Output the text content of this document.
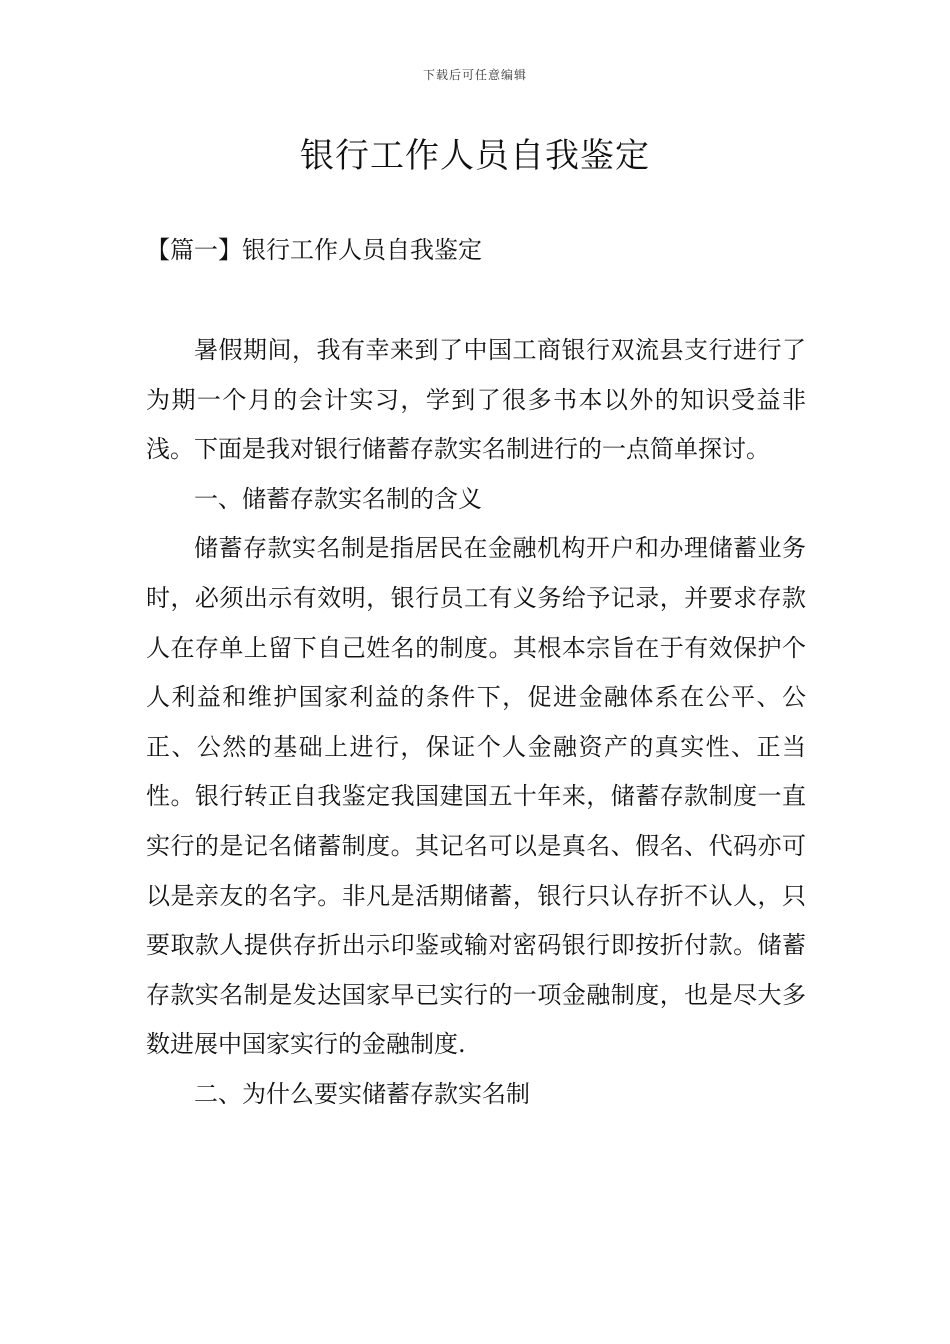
下载后可任意编辑
银行工作人员自我鉴定
【篇一】银行工作人员自我鉴定

暑假期间，我有幸来到了中国工商银行双流县支行进行了为期一个月的会计实习，学到了很多书本以外的知识受益非浅。下面是我对银行储蓄存款实名制进行的一点简单探讨。

一、储蓄存款实名制的含义

储蓄存款实名制是指居民在金融机构开户和办理储蓄业务时，必须出示有效明，银行员工有义务给予记录，并要求存款人在存单上留下自己姓名的制度。其根本宗旨在于有效保护个人利益和维护国家利益的条件下，促进金融体系在公平、公正、公然的基础上进行，保证个人金融资产的真实性、正当性。银行转正自我鉴定我国建国五十年来，储蓄存款制度一直实行的是记名储蓄制度。其记名可以是真名、假名、代码亦可以是亲友的名字。非凡是活期储蓄，银行只认存折不认人，只要取款人提供存折出示印鉴或输对密码银行即按折付款。储蓄存款实名制是发达国家早已实行的一项金融制度，也是尽大多数进展中国家实行的金融制度.

二、为什么要实储蓄存款实名制
